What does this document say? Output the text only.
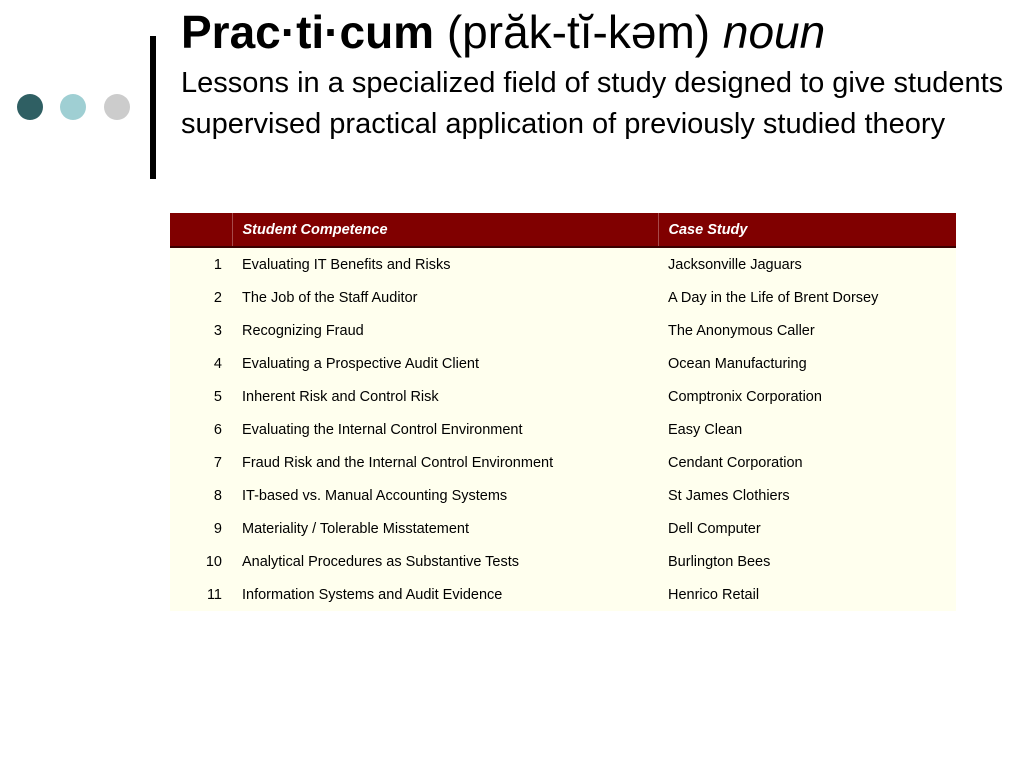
Prac·ti·cum (prăk-tĭ-kəm) noun
Lessons in a specialized field of study designed to give students supervised practical application of previously studied theory
	Student Competence	Case Study
1	Evaluating IT Benefits and Risks	Jacksonville Jaguars
2	The Job of the Staff Auditor	A Day in the Life of Brent Dorsey
3	Recognizing Fraud	The Anonymous Caller
4	Evaluating a Prospective Audit Client	Ocean Manufacturing
5	Inherent Risk and Control Risk	Comptronix Corporation
6	Evaluating the Internal Control Environment	Easy Clean
7	Fraud Risk and the Internal Control Environment	Cendant Corporation
8	IT-based vs. Manual Accounting Systems	St James Clothiers
9	Materiality / Tolerable Misstatement	Dell Computer
10	Analytical Procedures as Substantive Tests	Burlington Bees
11	Information Systems and Audit Evidence	Henrico Retail
